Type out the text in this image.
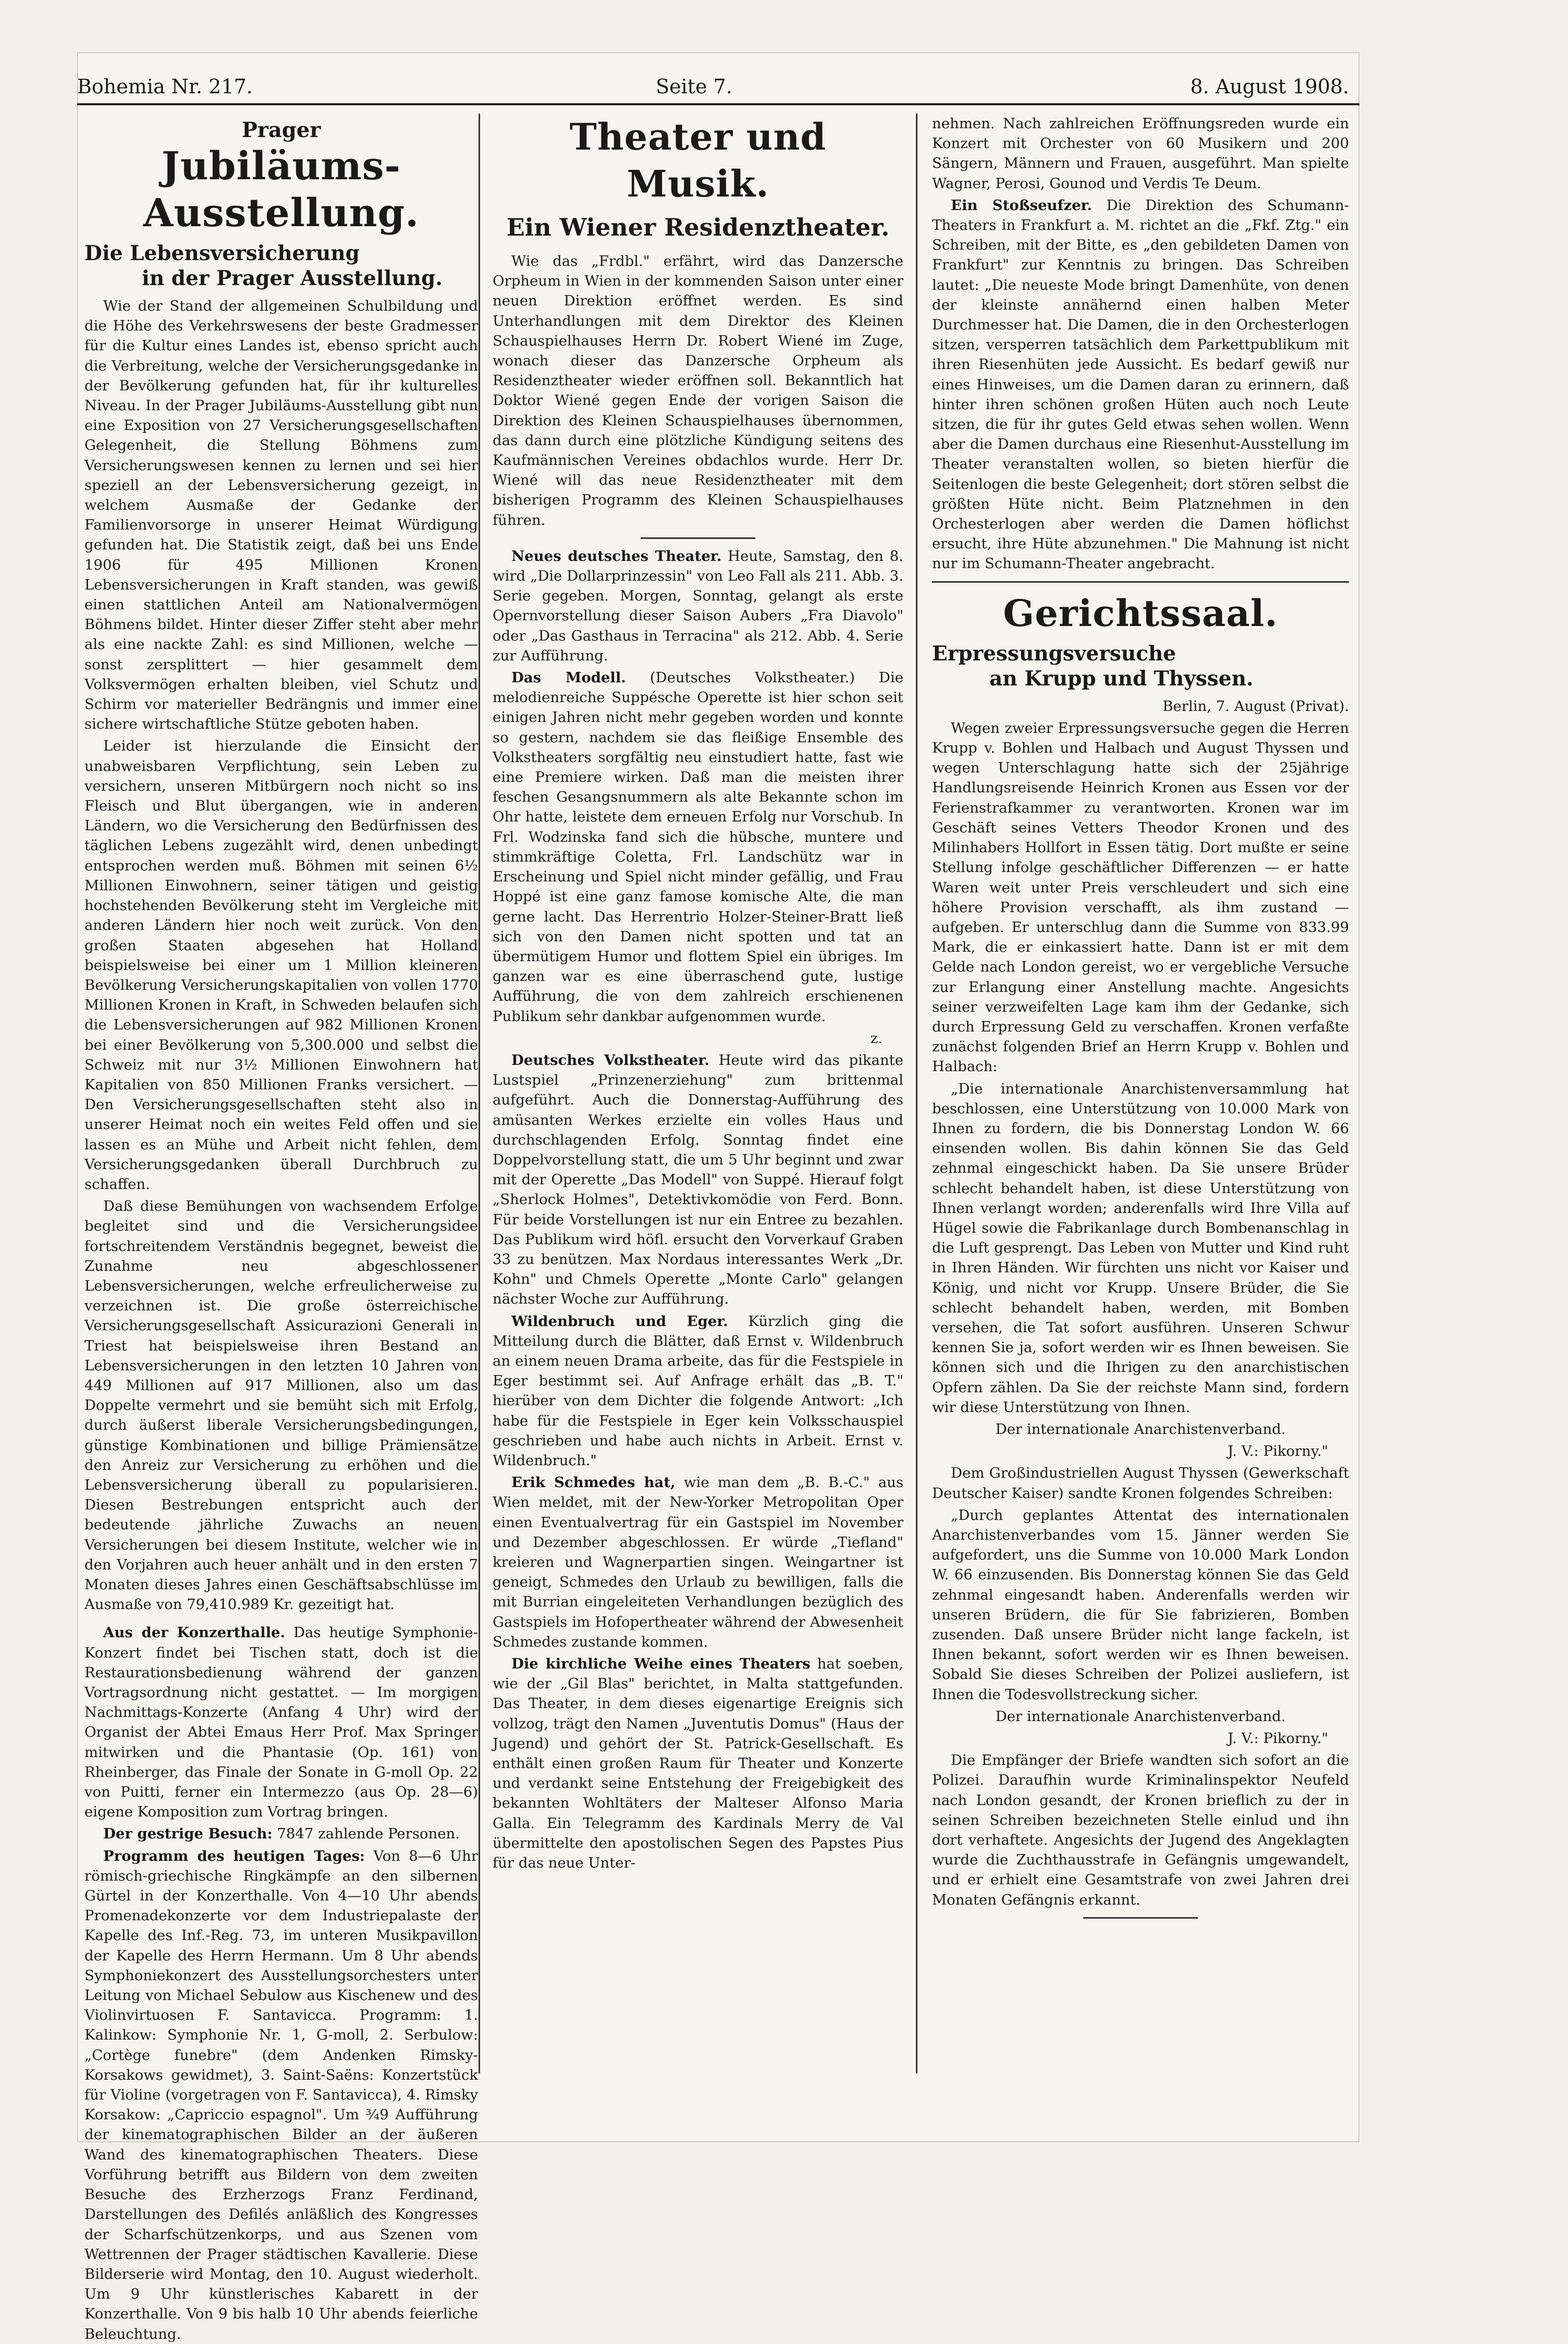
Bohemia Nr. 217.	Seite 7.	8. August 1908.
Prager
Jubiläums-Ausstellung.
Die Lebensversicherung
in der Prager Ausstellung.
Wie der Stand der allgemeinen Schulbildung und die Höhe des Verkehrswesens der beste Gradmesser für die Kultur eines Landes ist, ebenso spricht auch die Verbreitung, welche der Versicherungsgedanke in der Bevölkerung gefunden hat, für ihr kulturelles Niveau. In der Prager Jubiläums-Ausstellung gibt nun eine Exposition von 27 Versicherungsgesellschaften Gelegenheit, die Stellung Böhmens zum Versicherungswesen kennen zu lernen und sei hier speziell an der Lebensversicherung gezeigt, in welchem Ausmaße der Gedanke der Familienvorsorge in unserer Heimat Würdigung gefunden hat. Die Statistik zeigt, daß bei uns Ende 1906 für 495 Millionen Kronen Lebensversicherungen in Kraft standen, was gewiß einen stattlichen Anteil am Nationalvermögen Böhmens bildet. Hinter dieser Ziffer steht aber mehr als eine nackte Zahl: es sind Millionen, welche — sonst zersplittert — hier gesammelt dem Volksvermögen erhalten bleiben, viel Schutz und Schirm vor materieller Bedrängnis und immer eine sichere wirtschaftliche Stütze geboten haben.
Leider ist hierzulande die Einsicht der unabweisbaren Verpflichtung, sein Leben zu versichern, unseren Mitbürgern noch nicht so ins Fleisch und Blut übergangen, wie in anderen Ländern, wo die Versicherung den Bedürfnissen des täglichen Lebens zugezählt wird, denen unbedingt entsprochen werden muß. Böhmen mit seinen 6½ Millionen Einwohnern, seiner tätigen und geistig hochstehenden Bevölkerung steht im Vergleiche mit anderen Ländern hier noch weit zurück. Von den großen Staaten abgesehen hat Holland beispielsweise bei einer um 1 Million kleineren Bevölkerung Versicherungskapitalien von vollen 1770 Millionen Kronen in Kraft, in Schweden belaufen sich die Lebensversicherungen auf 982 Millionen Kronen bei einer Bevölkerung von 5,300.000 und selbst die Schweiz mit nur 3½ Millionen Einwohnern hat Kapitalien von 850 Millionen Franks versichert. — Den Versicherungsgesellschaften steht also in unserer Heimat noch ein weites Feld offen und sie lassen es an Mühe und Arbeit nicht fehlen, dem Versicherungsgedanken überall Durchbruch zu schaffen.
Daß diese Bemühungen von wachsendem Erfolge begleitet sind und die Versicherungsidee fortschreitendem Verständnis begegnet, beweist die Zunahme neu abgeschlossener Lebensversicherungen, welche erfreulicherweise zu verzeichnen ist. Die große österreichische Versicherungsgesellschaft Assicurazioni Generali in Triest hat beispielsweise ihren Bestand an Lebensversicherungen in den letzten 10 Jahren von 449 Millionen auf 917 Millionen, also um das Doppelte vermehrt und sie bemüht sich mit Erfolg, durch äußerst liberale Versicherungsbedingungen, günstige Kombinationen und billige Prämiensätze den Anreiz zur Versicherung zu erhöhen und die Lebensversicherung überall zu popularisieren. Diesen Bestrebungen entspricht auch der bedeutende jährliche Zuwachs an neuen Versicherungen bei diesem Institute, welcher wie in den Vorjahren auch heuer anhält und in den ersten 7 Monaten dieses Jahres einen Geschäftsabschlüsse im Ausmaße von 79,410.989 Kr. gezeitigt hat.
Aus der Konzerthalle. Das heutige Symphonie-Konzert findet bei Tischen statt, doch ist die Restaurationsbedienung während der ganzen Vortragsordnung nicht gestattet. — Im morgigen Nachmittags-Konzerte (Anfang 4 Uhr) wird der Organist der Abtei Emaus Herr Prof. Max Springer mitwirken und die Phantasie (Op. 161) von Rheinberger, das Finale der Sonate in G-moll Op. 22 von Puitti, ferner ein Intermezzo (aus Op. 28—6) eigene Komposition zum Vortrag bringen.
Der gestrige Besuch: 7847 zahlende Personen.
Programm des heutigen Tages: Von 8—6 Uhr römisch-griechische Ringkämpfe an den silbernen Gürtel in der Konzerthalle. Von 4—10 Uhr abends Promenadekonzerte vor dem Industriepalaste der Kapelle des Inf.-Reg. 73, im unteren Musikpavillon der Kapelle des Herrn Hermann. Um 8 Uhr abends Symphoniekonzert des Ausstellungsorchesters unter Leitung von Michael Sebulow aus Kischenew und des Violinvirtuosen F. Santavicca. Programm: 1. Kalinkow: Symphonie Nr. 1, G-moll, 2. Serbulow: „Cortège funebre" (dem Andenken Rimsky-Korsakows gewidmet), 3. Saint-Saëns: Konzertstück für Violine (vorgetragen von F. Santavicca), 4. Rimsky Korsakow: „Capriccio espagnol". Um ¾9 Aufführung der kinematographischen Bilder an der äußeren Wand des kinematographischen Theaters. Diese Vorführung betrifft aus Bildern von dem zweiten Besuche des Erzherzogs Franz Ferdinand, Darstellungen des Defilés anläßlich des Kongresses der Scharfschützenkorps, und aus Szenen vom Wettrennen der Prager städtischen Kavallerie. Diese Bilderserie wird Montag, den 10. August wiederholt. Um 9 Uhr künstlerisches Kabarett in der Konzerthalle. Von 9 bis halb 10 Uhr abends feierliche Beleuchtung.
Theater und Musik.
Ein Wiener Residenztheater.
Wie das „Frdbl." erfährt, wird das Danzersche Orpheum in Wien in der kommenden Saison unter einer neuen Direktion eröffnet werden. Es sind Unterhandlungen mit dem Direktor des Kleinen Schauspielhauses Herrn Dr. Robert Wiené im Zuge, wonach dieser das Danzersche Orpheum als Residenztheater wieder eröffnen soll. Bekanntlich hat Doktor Wiené gegen Ende der vorigen Saison die Direktion des Kleinen Schauspielhauses übernommen, das dann durch eine plötzliche Kündigung seitens des Kaufmännischen Vereines obdachlos wurde. Herr Dr. Wiené will das neue Residenztheater mit dem bisherigen Programm des Kleinen Schauspielhauses führen.
Neues deutsches Theater. Heute, Samstag, den 8. wird „Die Dollarprinzessin" von Leo Fall als 211. Abb. 3. Serie gegeben. Morgen, Sonntag, gelangt als erste Opernvorstellung dieser Saison Aubers „Fra Diavolo" oder „Das Gasthaus in Terracina" als 212. Abb. 4. Serie zur Aufführung.
Das Modell. (Deutsches Volkstheater.) Die melodienreiche Suppésche Operette ist hier schon seit einigen Jahren nicht mehr gegeben worden und konnte so gestern, nachdem sie das fleißige Ensemble des Volkstheaters sorgfältig neu einstudiert hatte, fast wie eine Premiere wirken. Daß man die meisten ihrer feschen Gesangsnummern als alte Bekannte schon im Ohr hatte, leistete dem erneuen Erfolg nur Vorschub. In Frl. Wodzinska fand sich die hübsche, muntere und stimmkräftige Coletta, Frl. Landschütz war in Erscheinung und Spiel nicht minder gefällig, und Frau Hoppé ist eine ganz famose komische Alte, die man gerne lacht. Das Herrentrio Holzer-Steiner-Bratt ließ sich von den Damen nicht spotten und tat an übermütigem Humor und flottem Spiel ein übriges. Im ganzen war es eine überraschend gute, lustige Aufführung, die von dem zahlreich erschienenen Publikum sehr dankbar aufgenommen wurde.
z.
Deutsches Volkstheater. Heute wird das pikante Lustspiel „Prinzenerziehung" zum brittenmal aufgeführt. Auch die Donnerstag-Aufführung des amüsanten Werkes erzielte ein volles Haus und durchschlagenden Erfolg. Sonntag findet eine Doppelvorstellung statt, die um 5 Uhr beginnt und zwar mit der Operette „Das Modell" von Suppé. Hierauf folgt „Sherlock Holmes", Detektivkomödie von Ferd. Bonn. Für beide Vorstellungen ist nur ein Entree zu bezahlen. Das Publikum wird höfl. ersucht den Vorverkauf Graben 33 zu benützen. Max Nordaus interessantes Werk „Dr. Kohn" und Chmels Operette „Monte Carlo" gelangen nächster Woche zur Aufführung.
Wildenbruch und Eger. Kürzlich ging die Mitteilung durch die Blätter, daß Ernst v. Wildenbruch an einem neuen Drama arbeite, das für die Festspiele in Eger bestimmt sei. Auf Anfrage erhält das „B. T." hierüber von dem Dichter die folgende Antwort: „Ich habe für die Festspiele in Eger kein Volksschauspiel geschrieben und habe auch nichts in Arbeit. Ernst v. Wildenbruch."
Erik Schmedes hat, wie man dem „B. B.-C." aus Wien meldet, mit der New-Yorker Metropolitan Oper einen Eventualvertrag für ein Gastspiel im November und Dezember abgeschlossen. Er würde „Tiefland" kreieren und Wagnerpartien singen. Weingartner ist geneigt, Schmedes den Urlaub zu bewilligen, falls die mit Burrian eingeleiteten Verhandlungen bezüglich des Gastspiels im Hofopertheater während der Abwesenheit Schmedes zustande kommen.
Die kirchliche Weihe eines Theaters hat soeben, wie der „Gil Blas" berichtet, in Malta stattgefunden. Das Theater, in dem dieses eigenartige Ereignis sich vollzog, trägt den Namen „Juventutis Domus" (Haus der Jugend) und gehört der St. Patrick-Gesellschaft. Es enthält einen großen Raum für Theater und Konzerte und verdankt seine Entstehung der Freigebigkeit des bekannten Wohltäters der Malteser Alfonso Maria Galla. Ein Telegramm des Kardinals Merry de Val übermittelte den apostolischen Segen des Papstes Pius für das neue Unter-
nehmen. Nach zahlreichen Eröffnungsreden wurde ein Konzert mit Orchester von 60 Musikern und 200 Sängern, Männern und Frauen, ausgeführt. Man spielte Wagner, Perosi, Gounod und Verdis Te Deum.
Ein Stoßseufzer. Die Direktion des Schumann-Theaters in Frankfurt a. M. richtet an die „Fkf. Ztg." ein Schreiben, mit der Bitte, es „den gebildeten Damen von Frankfurt" zur Kenntnis zu bringen. Das Schreiben lautet: „Die neueste Mode bringt Damenhüte, von denen der kleinste annähernd einen halben Meter Durchmesser hat. Die Damen, die in den Orchesterlogen sitzen, versperren tatsächlich dem Parkettpublikum mit ihren Riesenhüten jede Aussicht. Es bedarf gewiß nur eines Hinweises, um die Damen daran zu erinnern, daß hinter ihren schönen großen Hüten auch noch Leute sitzen, die für ihr gutes Geld etwas sehen wollen. Wenn aber die Damen durchaus eine Riesenhut-Ausstellung im Theater veranstalten wollen, so bieten hierfür die Seitenlogen die beste Gelegenheit; dort stören selbst die größten Hüte nicht. Beim Platznehmen in den Orchesterlogen aber werden die Damen höflichst ersucht, ihre Hüte abzunehmen." Die Mahnung ist nicht nur im Schumann-Theater angebracht.
Gerichtssaal.
Erpressungsversuche
an Krupp und Thyssen.
Berlin, 7. August (Privat).
Wegen zweier Erpressungsversuche gegen die Herren Krupp v. Bohlen und Halbach und August Thyssen und wegen Unterschlagung hatte sich der 25jährige Handlungsreisende Heinrich Kronen aus Essen vor der Ferienstrafkammer zu verantworten. Kronen war im Geschäft seines Vetters Theodor Kronen und des Milinhabers Hollfort in Essen tätig. Dort mußte er seine Stellung infolge geschäftlicher Differenzen — er hatte Waren weit unter Preis verschleudert und sich eine höhere Provision verschafft, als ihm zustand — aufgeben. Er unterschlug dann die Summe von 833.99 Mark, die er einkassiert hatte. Dann ist er mit dem Gelde nach London gereist, wo er vergebliche Versuche zur Erlangung einer Anstellung machte. Angesichts seiner verzweifelten Lage kam ihm der Gedanke, sich durch Erpressung Geld zu verschaffen. Kronen verfaßte zunächst folgenden Brief an Herrn Krupp v. Bohlen und Halbach:
„Die internationale Anarchistenversammlung hat beschlossen, eine Unterstützung von 10.000 Mark von Ihnen zu fordern, die bis Donnerstag London W. 66 einsenden wollen. Bis dahin können Sie das Geld zehnmal eingeschickt haben. Da Sie unsere Brüder schlecht behandelt haben, ist diese Unterstützung von Ihnen verlangt worden; anderenfalls wird Ihre Villa auf Hügel sowie die Fabrikanlage durch Bombenanschlag in die Luft gesprengt. Das Leben von Mutter und Kind ruht in Ihren Händen. Wir fürchten uns nicht vor Kaiser und König, und nicht vor Krupp. Unsere Brüder, die Sie schlecht behandelt haben, werden, mit Bomben versehen, die Tat sofort ausführen. Unseren Schwur kennen Sie ja, sofort werden wir es Ihnen beweisen. Sie können sich und die Ihrigen zu den anarchistischen Opfern zählen. Da Sie der reichste Mann sind, fordern wir diese Unterstützung von Ihnen.
Der internationale Anarchistenverband.
J. V.: Pikorny."
Dem Großindustriellen August Thyssen (Gewerkschaft Deutscher Kaiser) sandte Kronen folgendes Schreiben:
„Durch geplantes Attentat des internationalen Anarchistenverbandes vom 15. Jänner werden Sie aufgefordert, uns die Summe von 10.000 Mark London W. 66 einzusenden. Bis Donnerstag können Sie das Geld zehnmal eingesandt haben. Anderenfalls werden wir unseren Brüdern, die für Sie fabrizieren, Bomben zusenden. Daß unsere Brüder nicht lange fackeln, ist Ihnen bekannt, sofort werden wir es Ihnen beweisen. Sobald Sie dieses Schreiben der Polizei ausliefern, ist Ihnen die Todesvollstreckung sicher.
Der internationale Anarchistenverband.
J. V.: Pikorny."
Die Empfänger der Briefe wandten sich sofort an die Polizei. Daraufhin wurde Kriminalinspektor Neufeld nach London gesandt, der Kronen brieflich zu der in seinen Schreiben bezeichneten Stelle einlud und ihn dort verhaftete. Angesichts der Jugend des Angeklagten wurde die Zuchthausstrafe in Gefängnis umgewandelt, und er erhielt eine Gesamtstrafe von zwei Jahren drei Monaten Gefängnis erkannt.
